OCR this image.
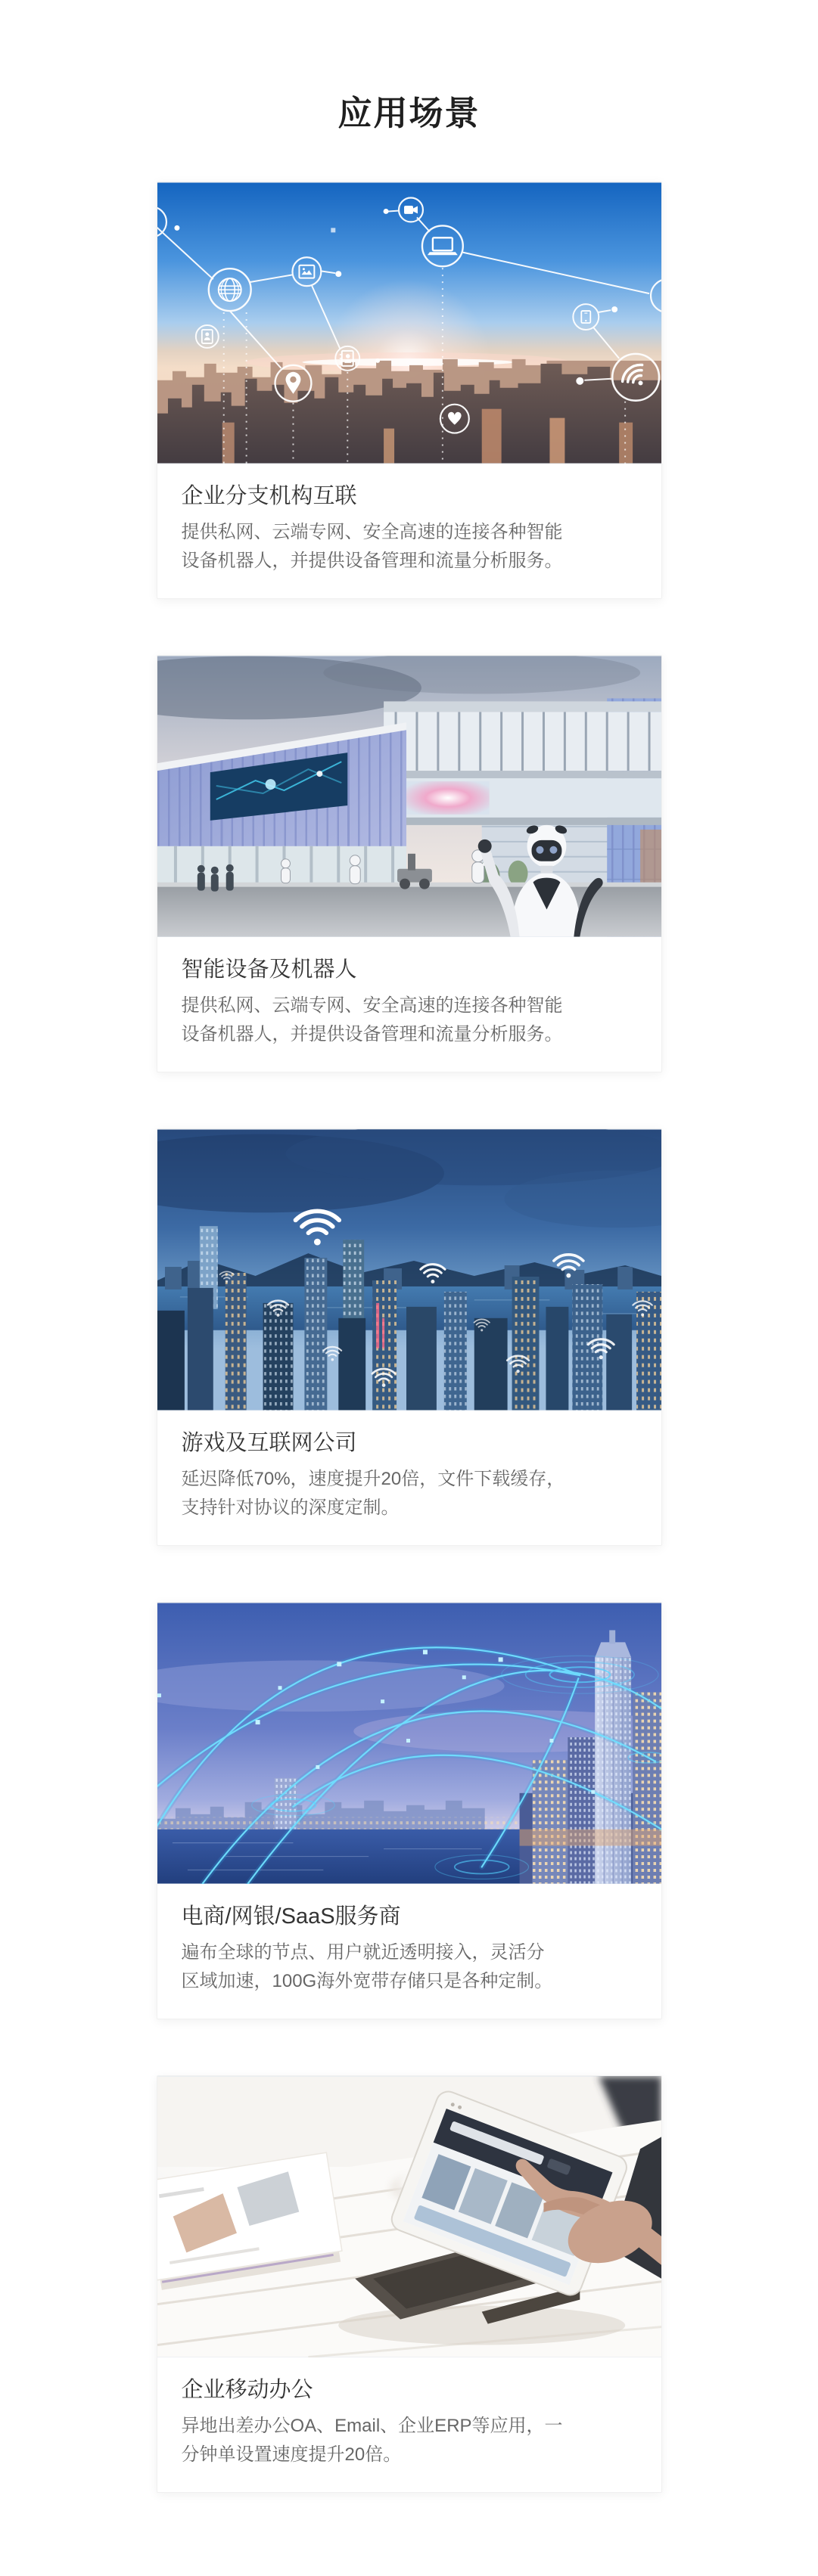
应用场景
企业分支机构互联

提供私网、云端专网、安全高速的连接各种智能
设备机器人，并提供设备管理和流量分析服务。

智能设备及机器人

提供私网、云端专网、安全高速的连接各种智能
设备机器人，并提供设备管理和流量分析服务。

游戏及互联网公司

延迟降低70%，速度提升20倍，文件下载缓存，
支持针对协议的深度定制。

电商/网银/SaaS服务商

遍布全球的节点、用户就近透明接入，灵活分
区域加速，100G海外宽带存储只是各种定制。

企业移动办公

异地出差办公OA、Email、企业ERP等应用，一
分钟单设置速度提升20倍。
